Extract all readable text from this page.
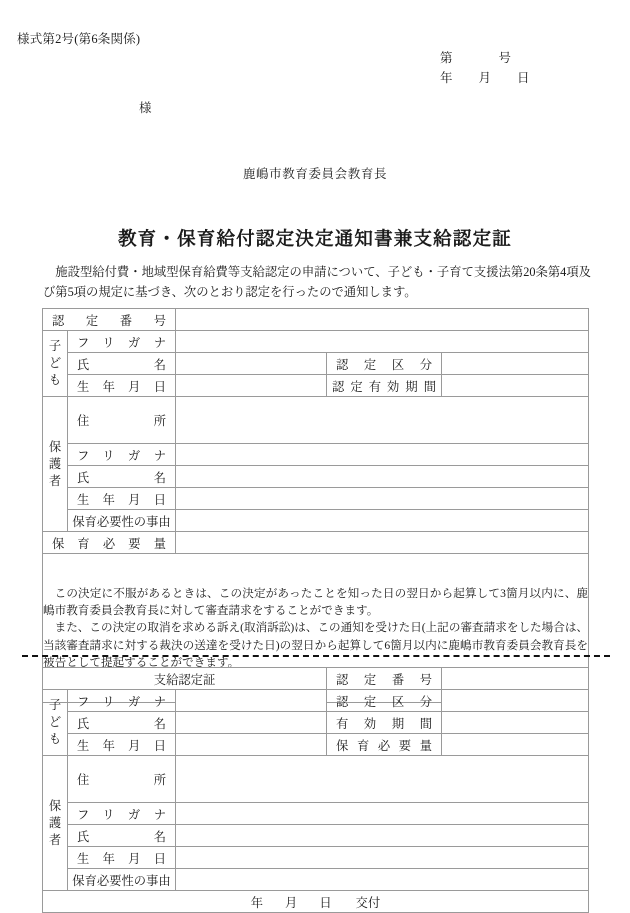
様式第2号(第6条関係)
第	号
年 月 日
様
鹿嶋市教育委員会教育長
教育・保育給付認定決定通知書兼支給認定証
施設型給付費・地域型保育給費等支給認定の申請について、子ども・子育て支援法第20条第4項及び第5項の規定に基づき、次のとおり認定を行ったので通知します。
認定番号				

子ども	フリガナ			

	氏名		認定区分	

	生年月日		認定有効期間	

保護者	住所			

	フリガナ			

	氏名			

	生年月日			

	保育必要性の事由			

保育必要量				

この決定に不服があるときは、この決定があったことを知った日の翌日から起算して3箇月以内に、鹿嶋市教育委員会教育長に対して審査請求をすることができます。

また、この決定の取消を求める訴え(取消訴訟)は、この通知を受けた日(上記の審査請求をした場合は、当該審査請求に対する裁決の送達を受けた日)の翌日から起算して6箇月以内に鹿嶋市教育委員会教育長を被告として提起することができます。				

支給認定証			認定番号	

子ども	フリガナ		認定区分	

	氏名		有効期間	

	生年月日		保育必要量	

保護者	住所			

	フリガナ			

	氏名			

	生年月日			

	保育必要性の事由			

年 月 日 交付				
